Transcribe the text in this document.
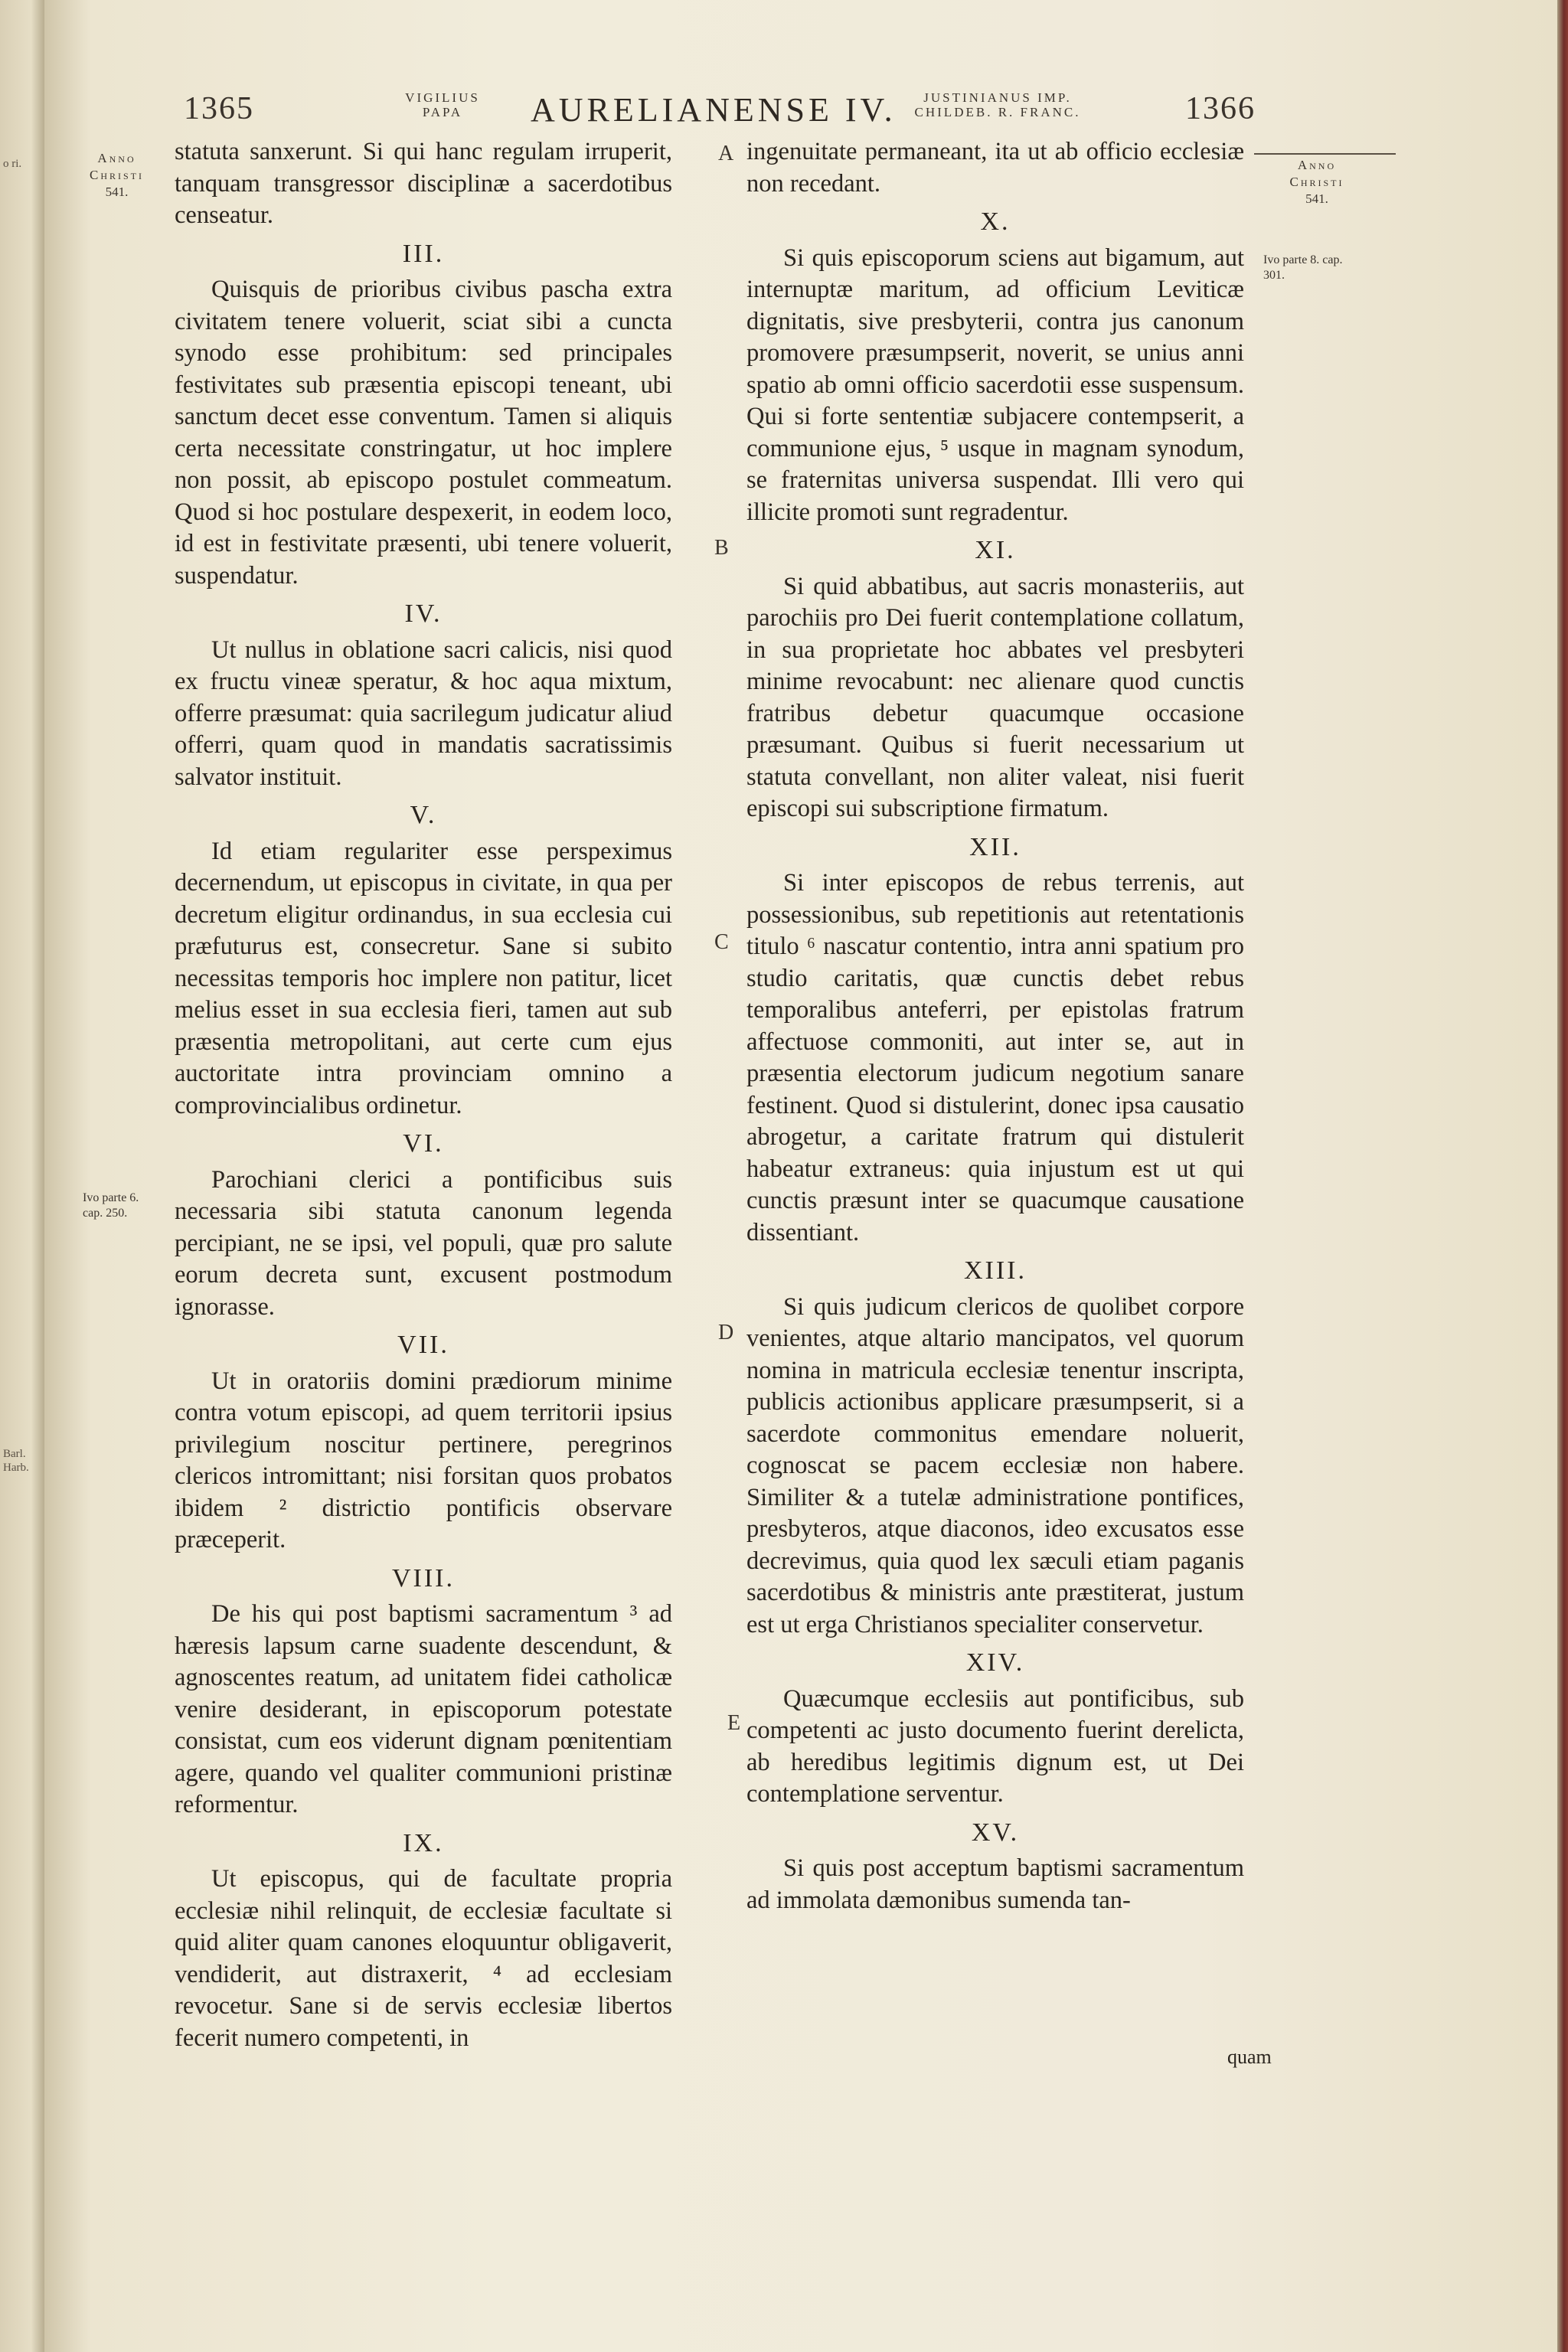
o ri.
Barl. Harb.
1365	VIGILIUS
PAPA	AURELIANENSE IV.	JUSTINIANUS IMP.
CHILDEB. R. FRANC.	1366
Anno
Christi
541.
Anno
Christi
541.
Ivo parte 6. cap. 250.
Ivo parte 8. cap. 301.
A
B
C
D
E

statuta sanxerunt. Si qui hanc regulam irruperit, tanquam transgressor disciplinæ a sacerdotibus censeatur.

III.

Quisquis de prioribus civibus pascha extra civitatem tenere voluerit, sciat sibi a cuncta synodo esse prohibitum: sed principales festivitates sub præsentia episcopi teneant, ubi sanctum decet esse conventum. Tamen si aliquis certa necessitate constringatur, ut hoc implere non possit, ab episcopo postulet commeatum. Quod si hoc postulare despexerit, in eodem loco, id est in festivitate præsenti, ubi tenere voluerit, suspendatur.

IV.

Ut nullus in oblatione sacri calicis, nisi quod ex fructu vineæ speratur, & hoc aqua mixtum, offerre præsumat: quia sacrilegum judicatur aliud offerri, quam quod in mandatis sacratissimis salvator instituit.

V.

Id etiam regulariter esse perspeximus decernendum, ut episcopus in civitate, in qua per decretum eligitur ordinandus, in sua ecclesia cui præfuturus est, consecretur. Sane si subito necessitas temporis hoc implere non patitur, licet melius esset in sua ecclesia fieri, tamen aut sub præsentia metropolitani, aut certe cum ejus auctoritate intra provinciam omnino a comprovincialibus ordinetur.

VI.

Parochiani clerici a pontificibus suis necessaria sibi statuta canonum legenda percipiant, ne se ipsi, vel populi, quæ pro salute eorum decreta sunt, excusent postmodum ignorasse.

VII.

Ut in oratoriis domini prædiorum minime contra votum episcopi, ad quem territorii ipsius privilegium noscitur pertinere, peregrinos clericos intromittant; nisi forsitan quos probatos ibidem ² districtio pontificis observare præceperit.

VIII.

De his qui post baptismi sacramentum ³ ad hæresis lapsum carne suadente descendunt, & agnoscentes reatum, ad unitatem fidei catholicæ venire desiderant, in episcoporum potestate consistat, cum eos viderunt dignam pœnitentiam agere, quando vel qualiter communioni pristinæ reformentur.

IX.

Ut episcopus, qui de facultate propria ecclesiæ nihil relinquit, de ecclesiæ facultate si quid aliter quam canones eloquuntur obligaverit, vendiderit, aut distraxerit, ⁴ ad ecclesiam revocetur. Sane si de servis ecclesiæ libertos fecerit numero competenti, in

ingenuitate permaneant, ita ut ab officio ecclesiæ non recedant.

X.

Si quis episcoporum sciens aut bigamum, aut internuptæ maritum, ad officium Leviticæ dignitatis, sive presbyterii, contra jus canonum promovere præsumpserit, noverit, se unius anni spatio ab omni officio sacerdotii esse suspensum. Qui si forte sententiæ subjacere contempserit, a communione ejus, ⁵ usque in magnam synodum, se fraternitas universa suspendat. Illi vero qui illicite promoti sunt regradentur.

XI.

Si quid abbatibus, aut sacris monasteriis, aut parochiis pro Dei fuerit contemplatione collatum, in sua proprietate hoc abbates vel presbyteri minime revocabunt: nec alienare quod cunctis fratribus debetur quacumque occasione præsumant. Quibus si fuerit necessarium ut statuta convellant, non aliter valeat, nisi fuerit episcopi sui subscriptione firmatum.

XII.

Si inter episcopos de rebus terrenis, aut possessionibus, sub repetitionis aut retentationis titulo ⁶ nascatur contentio, intra anni spatium pro studio caritatis, quæ cunctis debet rebus temporalibus anteferri, per epistolas fratrum affectuose commoniti, aut inter se, aut in præsentia electorum judicum negotium sanare festinent. Quod si distulerint, donec ipsa causatio abrogetur, a caritate fratrum qui distulerit habeatur extraneus: quia injustum est ut qui cunctis præsunt inter se quacumque causatione dissentiant.

XIII.

Si quis judicum clericos de quolibet corpore venientes, atque altario mancipatos, vel quorum nomina in matricula ecclesiæ tenentur inscripta, publicis actionibus applicare præsumpserit, si a sacerdote commonitus emendare noluerit, cognoscat se pacem ecclesiæ non habere. Similiter & a tutelæ administratione pontifices, presbyteros, atque diaconos, ideo excusatos esse decrevimus, quia quod lex sæculi etiam paganis sacerdotibus & ministris ante præstiterat, justum est ut erga Christianos specialiter conservetur.

XIV.

Quæcumque ecclesiis aut pontificibus, sub competenti ac justo documento fuerint derelicta, ab heredibus legitimis dignum est, ut Dei contemplatione serventur.

XV.

Si quis post acceptum baptismi sacramentum ad immolata dæmonibus sumenda tan-

quam
